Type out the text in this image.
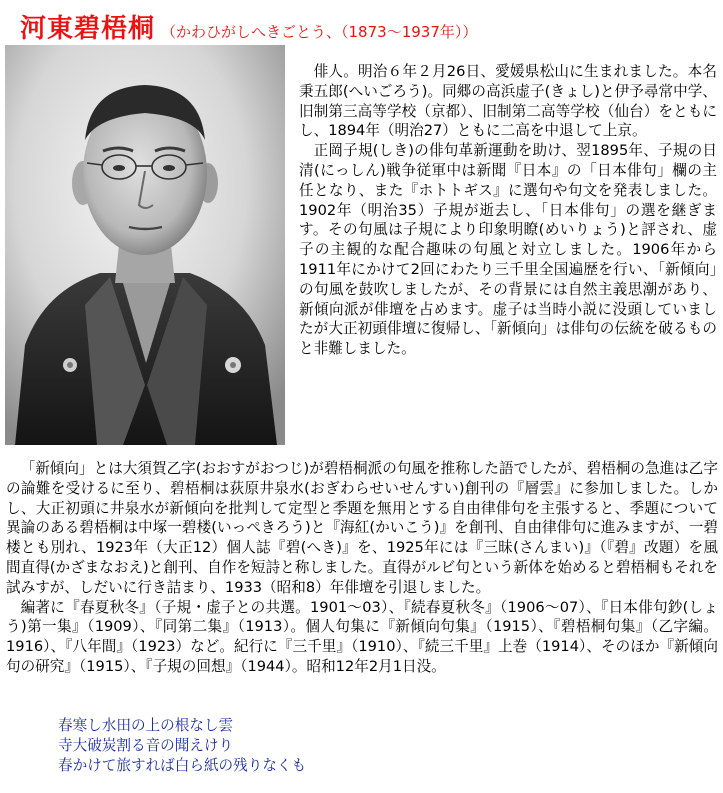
河東碧梧桐 （かわひがしへきごとう、（1873～1937年））

俳人。明治６年２月26日、愛媛県松山に生まれました。本名秉五郎(へいごろう)。同郷の高浜虚子(きょし)と伊予尋常中学、旧制第三高等学校（京都）、旧制第二高等学校（仙台）をともにし、1894年（明治27）ともに二高を中退して上京。

正岡子規(しき)の俳句革新運動を助け、翌1895年、子規の日清(にっしん)戦争従軍中は新聞『日本』の「日本俳句」欄の主任となり、また『ホトトギス』に選句や句文を発表しました。1902年（明治35）子規が逝去し、「日本俳句」の選を継ぎます。その句風は子規により印象明瞭(めいりょう)と評され、虚子の主観的な配合趣味の句風と対立しました。1906年から1911年にかけて2回にわたり三千里全国遍歴を行い、「新傾向」の句風を鼓吹しましたが、その背景には自然主義思潮があり、新傾向派が俳壇を占めます。虚子は当時小説に没頭していましたが大正初頭俳壇に復帰し、「新傾向」は俳句の伝統を破るものと非難しました。

「新傾向」とは大須賀乙字(おおすがおつじ)が碧梧桐派の句風を推称した語でしたが、碧梧桐の急進は乙字の論難を受けるに至り、碧梧桐は荻原井泉水(おぎわらせいせんすい)創刊の『層雲』に参加しました。しかし、大正初頭に井泉水が新傾向を批判して定型と季題を無用とする自由律俳句を主張すると、季題について異論のある碧梧桐は中塚一碧楼(いっぺきろう)と『海紅(かいこう)』を創刊、自由律俳句に進みますが、一碧楼とも別れ、1923年（大正12）個人誌『碧(へき)』を、1925年には『三昧(さんまい)』（『碧』改題）を風間直得(かざまなおえ)と創刊、自作を短詩と称しました。直得がルビ句という新体を始めると碧梧桐もそれを試みすが、しだいに行き詰まり、1933（昭和8）年俳壇を引退しました。

編著に『春夏秋冬』（子規・虚子との共選。1901～03）、『続春夏秋冬』（1906～07）、『日本俳句鈔(しょう)第一集』（1909）、『同第二集』（1913）。個人句集に『新傾向句集』（1915）、『碧梧桐句集』（乙字編。1916）、『八年間』（1923）など。紀行に『三千里』（1910）、『続三千里』上巻（1914）、そのほか『新傾向句の研究』（1915）、『子規の回想』（1944）。昭和12年2月1日没。

春寒し水田の上の根なし雲
寺大破炭割る音の聞えけり
春かけて旅すれば白ら紙の残りなくも
